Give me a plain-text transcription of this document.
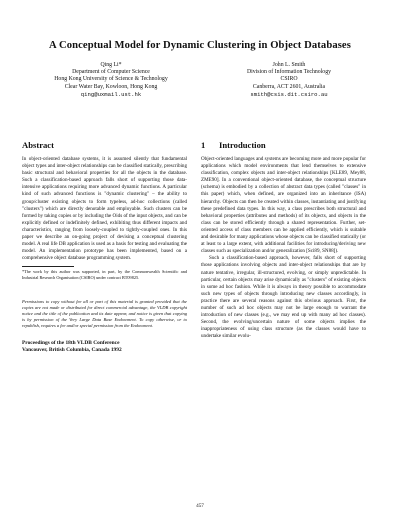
A Conceptual Model for Dynamic Clustering in Object Databases
Qing Li*
Department of Computer Science
Hong Kong University of Science & Technology
Clear Water Bay, Kowloon, Hong Kong
qing@uxmail.ust.hk
John L. Smith
Division of Information Technology
CSIRO
Canberra, ACT 2601, Australia
smith@csis.dit.csiro.au
Abstract

In object-oriented database systems, it is assumed silently that fundamental object types and inter-object relationships can be classified statically, prescribing basic structural and behavioral properties for all the objects in the database. Such a classification-based approach falls short of supporting those data-intensive applications requiring more advanced dynamic functions. A particular kind of such advanced functions is "dynamic clustering" – the ability to group/cluster existing objects to form typeless, ad-hoc collections (called "clusters") which are directly denotable and employable. Such clusters can be formed by taking copies or by including the Oids of the input objects, and can be explicitly defined or indefinitely defined, exhibiting thus different impacts and characteristics, ranging from loosely-coupled to tightly-coupled ones. In this paper we describe an on-going project of devising a conceptual clustering model. A real life DB application is used as a basis for testing and evaluating the model. An implementation prototype has been implemented, based on a comprehensive object database programming system.

*The work by this author was supported, in part, by the Commonwealth Scientific and Industrial Research Organisation (CSIRO) under contract BT09825.

Permissions to copy without fee all or part of this material is granted provided that the copies are not made or distributed for direct commercial advantage, the VLDB copyright notice and the title of the publication and its date appear, and notice is given that copying is by permission of the Very Large Data Base Endowment. To copy otherwise, or to republish, requires a fee and/or special permission from the Endowment.

Proceedings of the 18th VLDB Conference
Vancouver, British Columbia, Canada 1992
1 Introduction

Object-oriented languages and systems are becoming more and more popular for applications which model environments that lend themselves to extensive classification, complex objects and inter-object relationships [KLE89, Mey88, ZME90]. In a conventional object-oriented database, the conceptual structure (schema) is embodied by a collection of abstract data types (called "classes" in this paper) which, when defined, are organized into an inheritance (ISA) hierarchy. Objects can then be created within classes, instantiating and justifying these predefined data types. In this way, a class prescribes both structural and behavioral properties (attributes and methods) of its objects, and objects in the class can be stored efficiently through a shared representation. Further, set-oriented access of class members can be applied efficiently, which is suitable and desirable for many applications whose objects can be classified statically (or at least to a large extent, with additional facilities for introducing/deriving new classes such as specialization and/or generalization [Sci89, SN88]).

Such a classification-based approach, however, falls short of supporting those applications involving objects and inter-object relationships that are by nature tentative, irregular, ill-structured, evolving, or simply unpredictable. In particular, certain objects may arise dynamically as "clusters" of existing objects in some ad hoc fashion. While it is always in theory possible to accommodate such new types of objects through introducing new classes accordingly, in practice there are several reasons against this obvious approach. First, the number of such ad hoc objects may not be large enough to warrant the introduction of new classes (e.g., we may end up with many ad hoc classes). Second, the evolving/uncertain nature of some objects implies the inappropriateness of using class structure (as the classes would have to undertake similar evolu-

457
